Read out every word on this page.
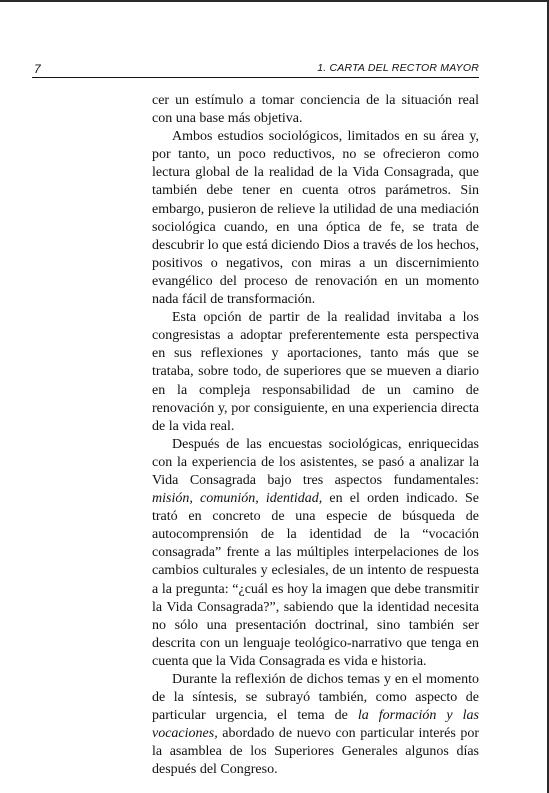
7	1. CARTA DEL RECTOR MAYOR

cer un estímulo a tomar conciencia de la situación real con una base más objetiva.

Ambos estudios sociológicos, limitados en su área y, por tanto, un poco reductivos, no se ofrecieron como lectura global de la realidad de la Vida Consagrada, que también debe tener en cuenta otros parámetros. Sin embargo, pusieron de relieve la utilidad de una mediación sociológica cuando, en una óptica de fe, se trata de descubrir lo que está diciendo Dios a través de los hechos, positivos o negativos, con miras a un discernimiento evangélico del proceso de renovación en un momento nada fácil de transformación.

Esta opción de partir de la realidad invitaba a los congresistas a adoptar preferentemente esta perspectiva en sus reflexiones y aportaciones, tanto más que se trataba, sobre todo, de superiores que se mueven a diario en la compleja responsabilidad de un camino de renovación y, por consiguiente, en una experiencia directa de la vida real.

Después de las encuestas sociológicas, enriquecidas con la experiencia de los asistentes, se pasó a analizar la Vida Consagrada bajo tres aspectos fundamentales: misión, comunión, identidad, en el orden indicado. Se trató en concreto de una especie de búsqueda de autocomprensión de la identidad de la “vocación consagrada” frente a las múltiples interpelaciones de los cambios culturales y eclesiales, de un intento de respuesta a la pregunta: “¿cuál es hoy la imagen que debe transmitir la Vida Consagrada?”, sabiendo que la identidad necesita no sólo una presentación doctrinal, sino también ser descrita con un lenguaje teológico-narrativo que tenga en cuenta que la Vida Consagrada es vida e historia.

Durante la reflexión de dichos temas y en el momento de la síntesis, se subrayó también, como aspecto de particular urgencia, el tema de la formación y las vocaciones, abordado de nuevo con particular interés por la asamblea de los Superiores Generales algunos días después del Congreso.
